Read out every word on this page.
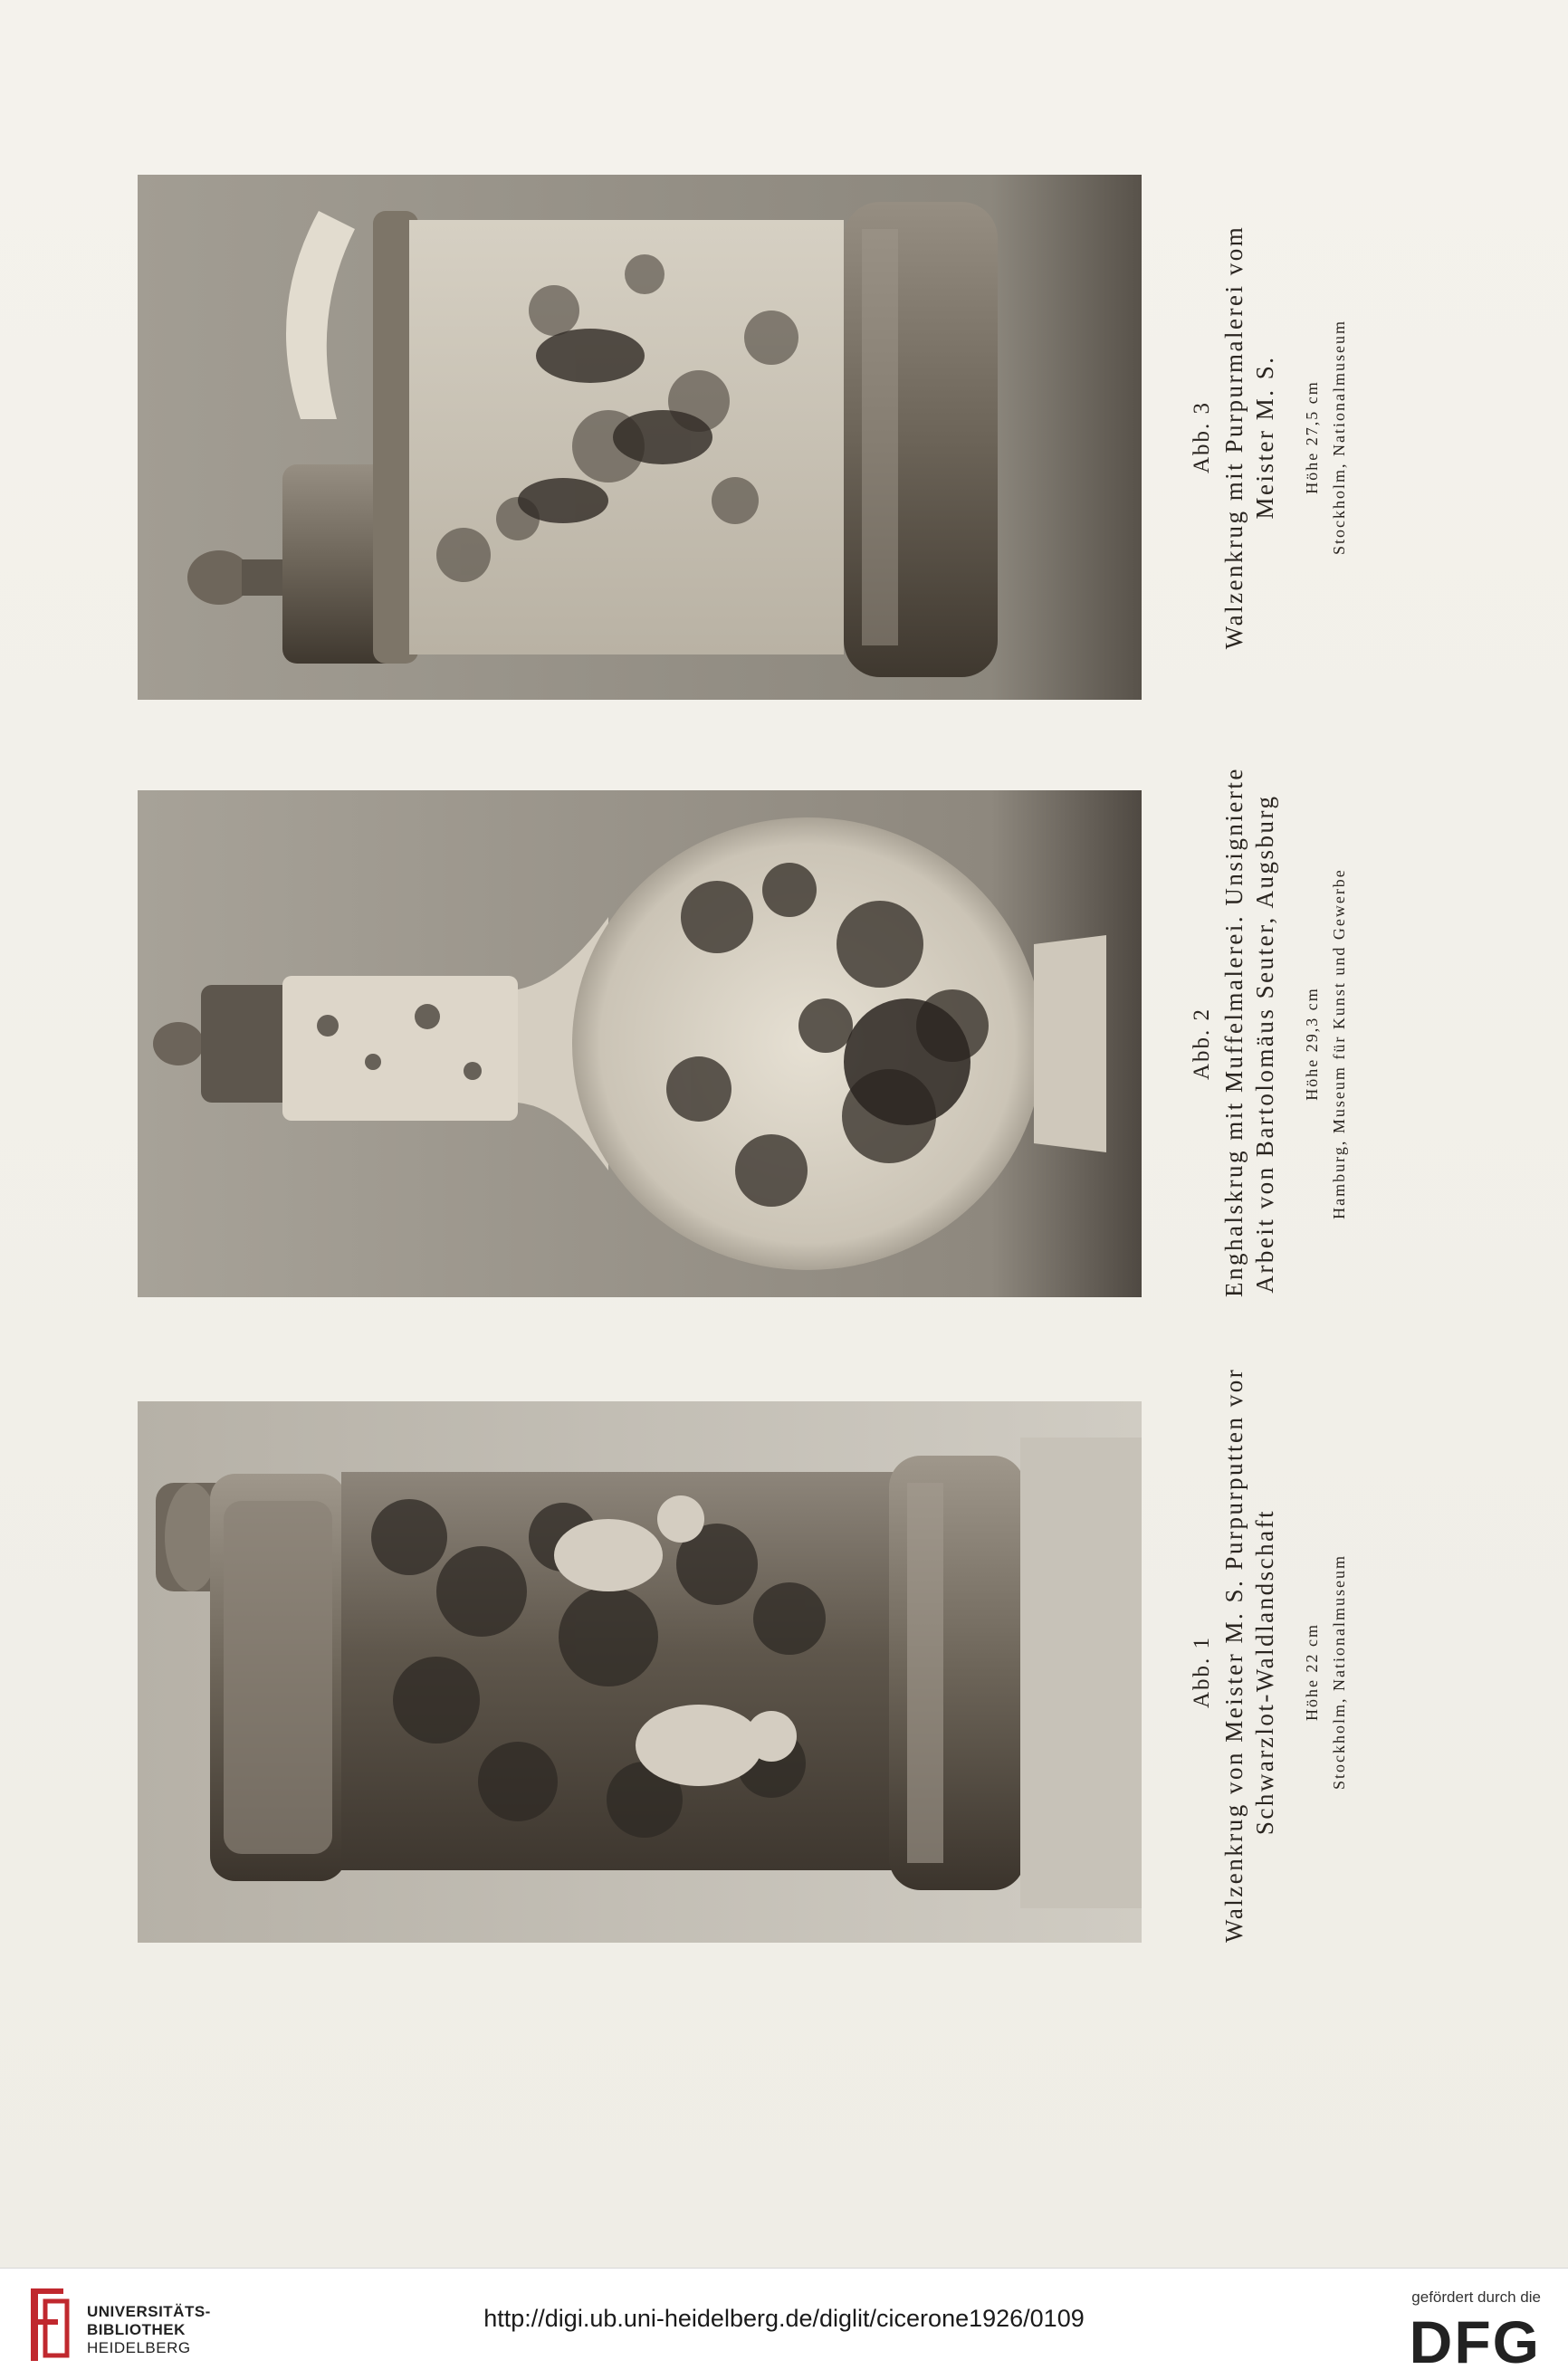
Abb. 3 Walzenkrug mit Purpurmalerei vom Meister M. S. Höhe 27,5 cm Stockholm, Nationalmuseum
Abb. 2 Enghalskrug mit Muffelmalerei. Unsignierte Arbeit von Bartolomäus Seuter, Augsburg Höhe 29,3 cm Hamburg, Museum für Kunst und Gewerbe
Abb. 1 Walzenkrug von Meister M. S. Purpurputten vor Schwarzlot-Waldlandschaft Höhe 22 cm Stockholm, Nationalmuseum
UNIVERSITÄTS-
BIBLIOTHEK
HEIDELBERG
http://digi.ub.uni-heidelberg.de/diglit/cicerone1926/0109
gefördert durch die
DFG
